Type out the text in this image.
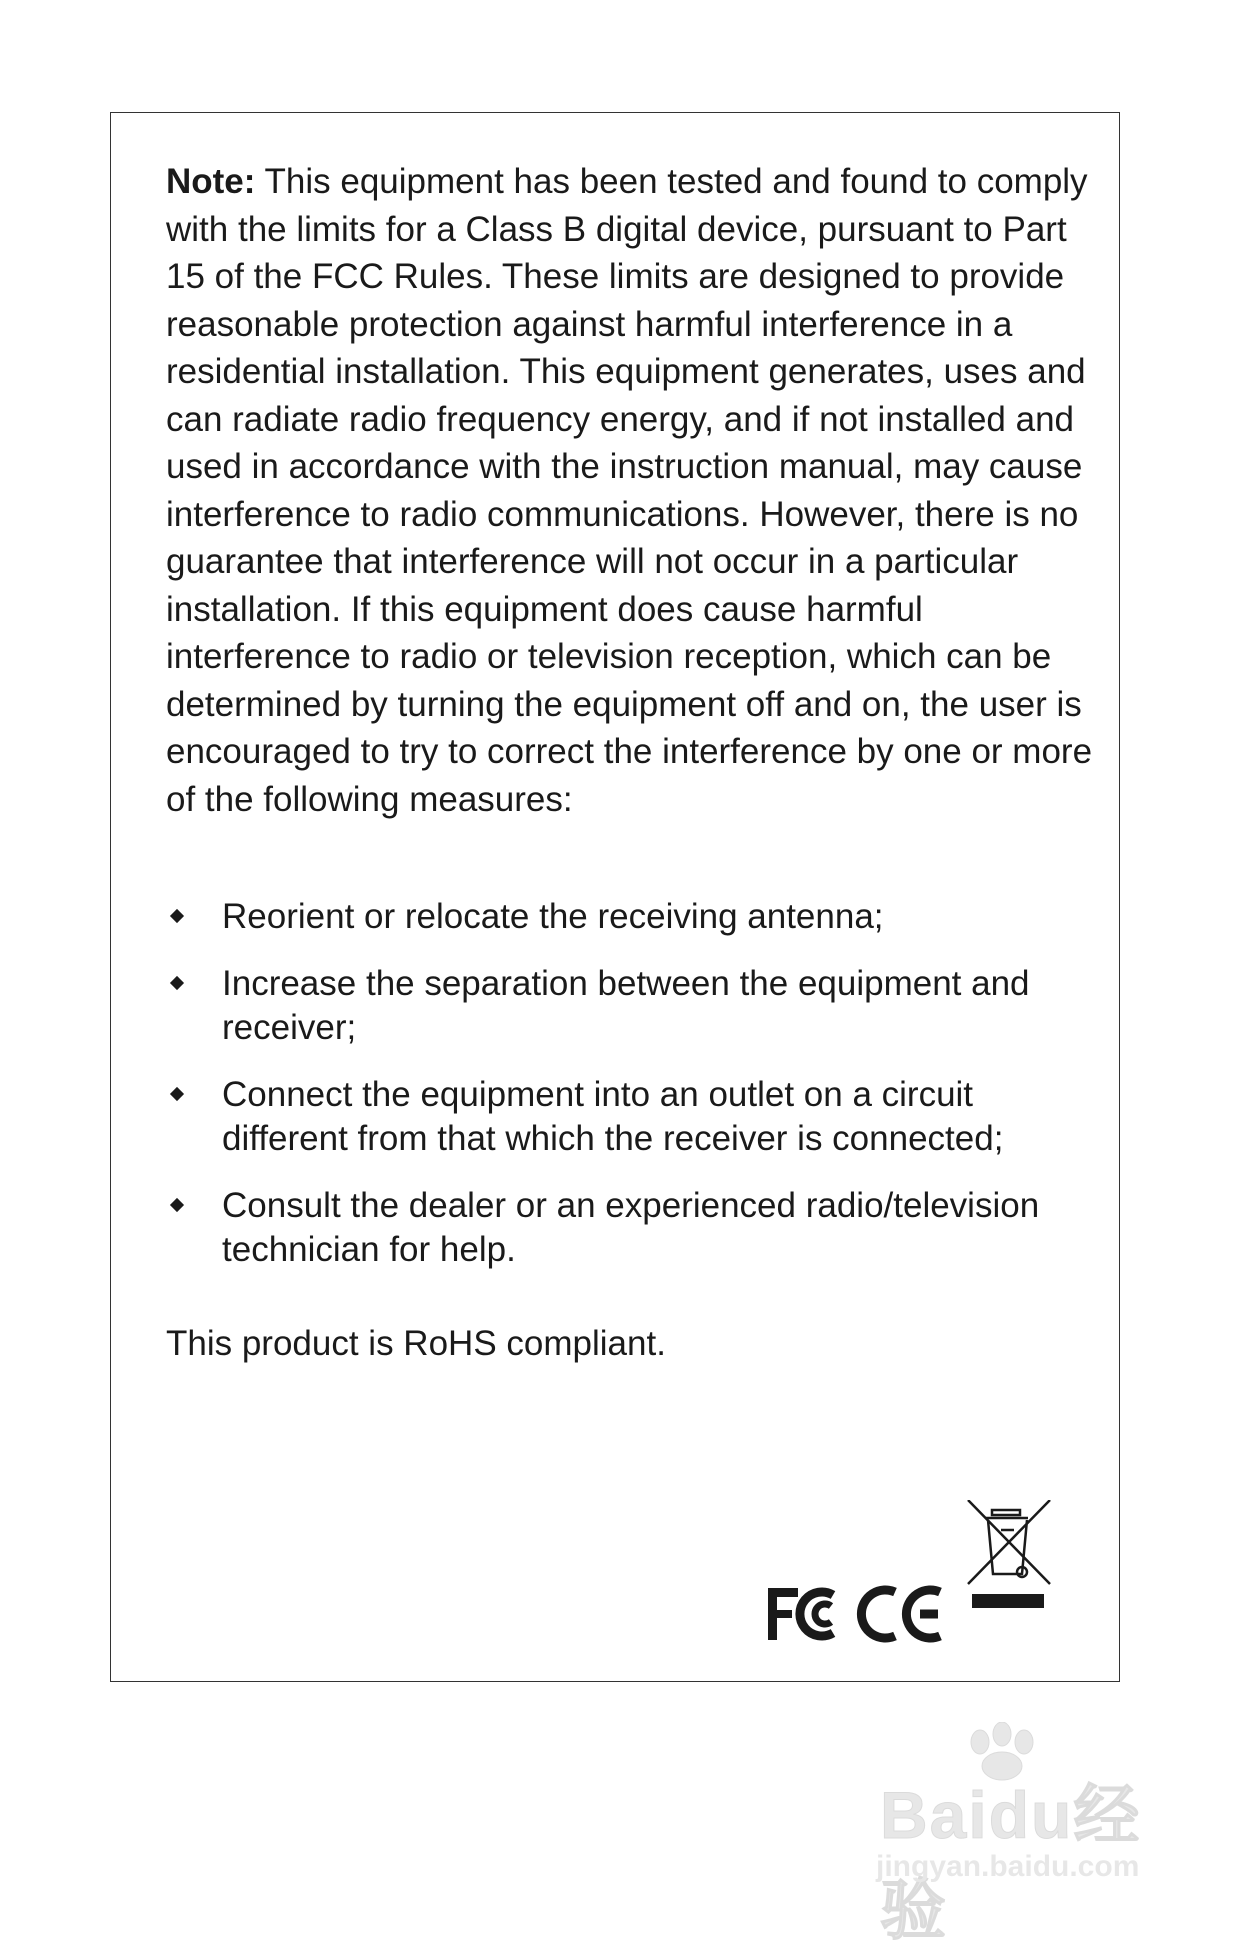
Note: This equipment has been tested and found to comply with the limits for a Class B digital device, pursuant to Part 15 of the FCC Rules. These limits are designed to provide reasonable protection against harmful interference in a residential installation. This equipment generates, uses and can radiate radio frequency energy, and if not installed and used in accordance with the instruction manual, may cause interference to radio communications. However, there is no guarantee that interference will not occur in a particular installation. If this equipment does cause harmful interference to radio or television reception, which can be determined by turning the equipment off and on, the user is encouraged to try to correct the interference by one or more of the following measures:

Reorient or relocate the receiving antenna;
Increase the separation between the equipment and receiver;
Connect the equipment into an outlet on a circuit different from that which the receiver is connected;
Consult the dealer or an experienced radio/television technician for help.

This product is RoHS compliant.

Baidu经验
jingyan.baidu.com
